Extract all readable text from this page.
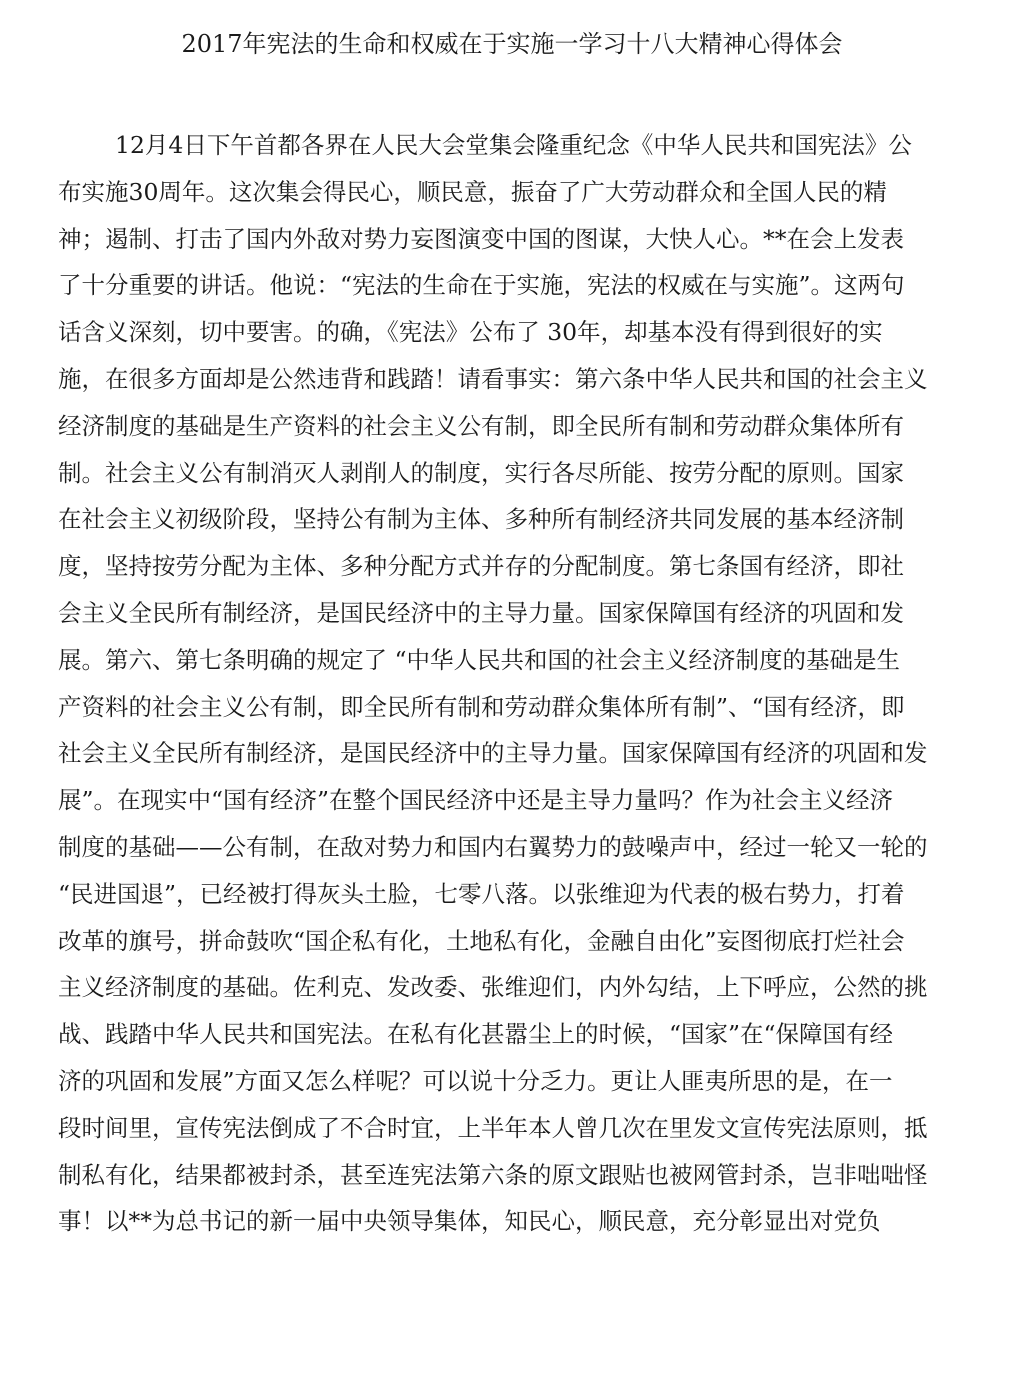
2017年宪法的生命和权威在于实施一学习十八大精神心得体会
12月4日下午首都各界在人民大会堂集会隆重纪念《中华人民共和国宪法》公
布实施30周年。这次集会得民心，顺民意，振奋了广大劳动群众和全国人民的精
神；遏制、打击了国内外敌对势力妄图演变中国的图谋，大快人心。**在会上发表
了十分重要的讲话。他说：“宪法的生命在于实施，宪法的权威在与实施”。这两句
话含义深刻，切中要害。的确，《宪法》公布了 30年，却基本没有得到很好的实
施，在很多方面却是公然违背和践踏！请看事实：第六条中华人民共和国的社会主义
经济制度的基础是生产资料的社会主义公有制，即全民所有制和劳动群众集体所有
制。社会主义公有制消灭人剥削人的制度，实行各尽所能、按劳分配的原则。国家
在社会主义初级阶段，坚持公有制为主体、多种所有制经济共同发展的基本经济制
度，坚持按劳分配为主体、多种分配方式并存的分配制度。第七条国有经济，即社
会主义全民所有制经济，是国民经济中的主导力量。国家保障国有经济的巩固和发
展。第六、第七条明确的规定了 “中华人民共和国的社会主义经济制度的基础是生
产资料的社会主义公有制，即全民所有制和劳动群众集体所有制”、“国有经济，即
社会主义全民所有制经济，是国民经济中的主导力量。国家保障国有经济的巩固和发
展”。在现实中“国有经济”在整个国民经济中还是主导力量吗？作为社会主义经济
制度的基础——公有制，在敌对势力和国内右翼势力的鼓噪声中，经过一轮又一轮的
“民进国退”，已经被打得灰头土脸，七零八落。以张维迎为代表的极右势力，打着
改革的旗号，拼命鼓吹“国企私有化，土地私有化，金融自由化”妄图彻底打烂社会
主义经济制度的基础。佐利克、发改委、张维迎们，内外勾结，上下呼应，公然的挑
战、践踏中华人民共和国宪法。在私有化甚嚣尘上的时候，“国家”在“保障国有经
济的巩固和发展”方面又怎么样呢？可以说十分乏力。更让人匪夷所思的是，在一
段时间里，宣传宪法倒成了不合时宜，上半年本人曾几次在里发文宣传宪法原则，抵
制私有化，结果都被封杀，甚至连宪法第六条的原文跟贴也被网管封杀，岂非咄咄怪
事！以**为总书记的新一届中央领导集体，知民心，顺民意，充分彰显出对党负
